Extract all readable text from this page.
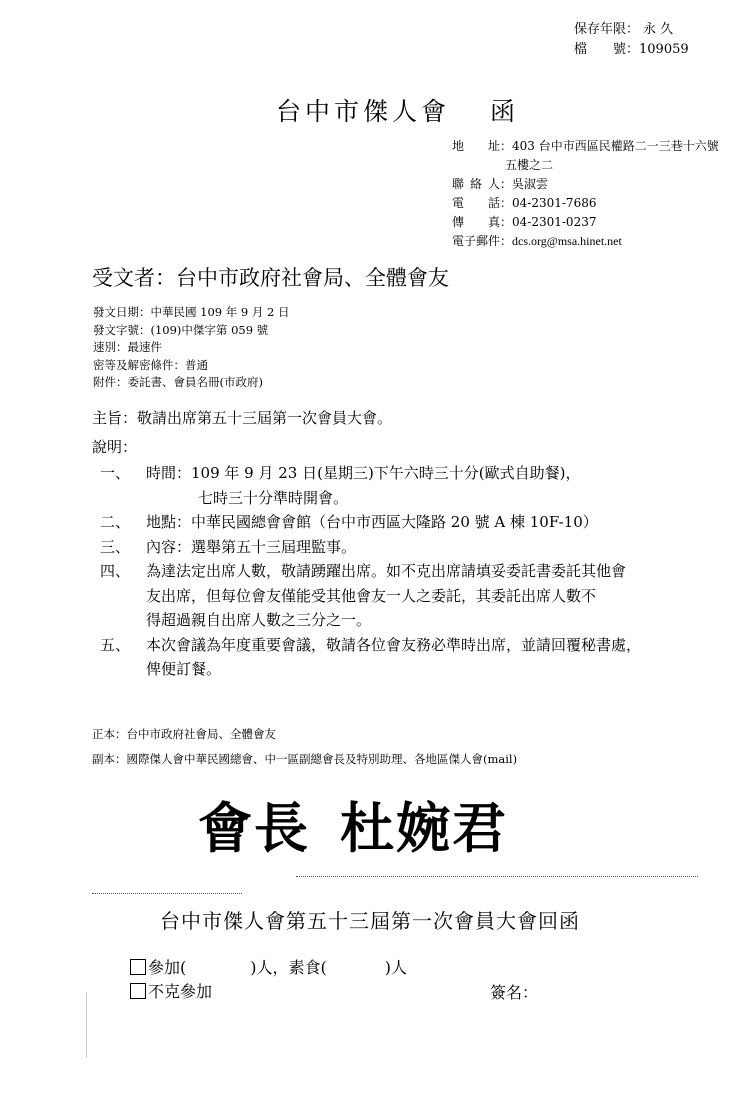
保存年限： 永 久
檔　　號：109059
台中市傑人會 函
地　址 ： 403 台中市西區民權路二一三巷十六號
五樓之二
聯絡人 ： 吳淑雲
電　話 ： 04-2301-7686
傳　真 ： 04-2301-0237
電子郵件 ： dcs.org@msa.hinet.net
受文者：台中市政府社會局、全體會友
發文日期：中華民國 109 年 9 月 2 日
發文字號：(109)中傑字第 059 號
速別：最速件
密等及解密條件：普通
附件：委託書、會員名冊(市政府)
主旨：敬請出席第五十三屆第一次會員大會。
說明：
一、	時間：109 年 9 月 23 日(星期三)下午六時三十分(歐式自助餐)，
七時三十分準時開會。
二、	地點：中華民國總會會館（台中市西區大隆路 20 號 A 棟 10F-10）
三、	內容：選舉第五十三屆理監事。
四、	為達法定出席人數，敬請踴躍出席。如不克出席請填妥委託書委託其他會
友出席，但每位會友僅能受其他會友一人之委託，其委託出席人數不
得超過親自出席人數之三分之一。
五、	本次會議為年度重要會議，敬請各位會友務必準時出席，並請回覆秘書處，
俾便訂餐。
正本：台中市政府社會局、全體會友
副本：國際傑人會中華民國總會、中一區副總會長及特別助理、各地區傑人會(mail)
會長 杜婉君
台中市傑人會第五十三屆第一次會員大會回函
參加(	)人，素食(	)人
不克參加	簽名：
